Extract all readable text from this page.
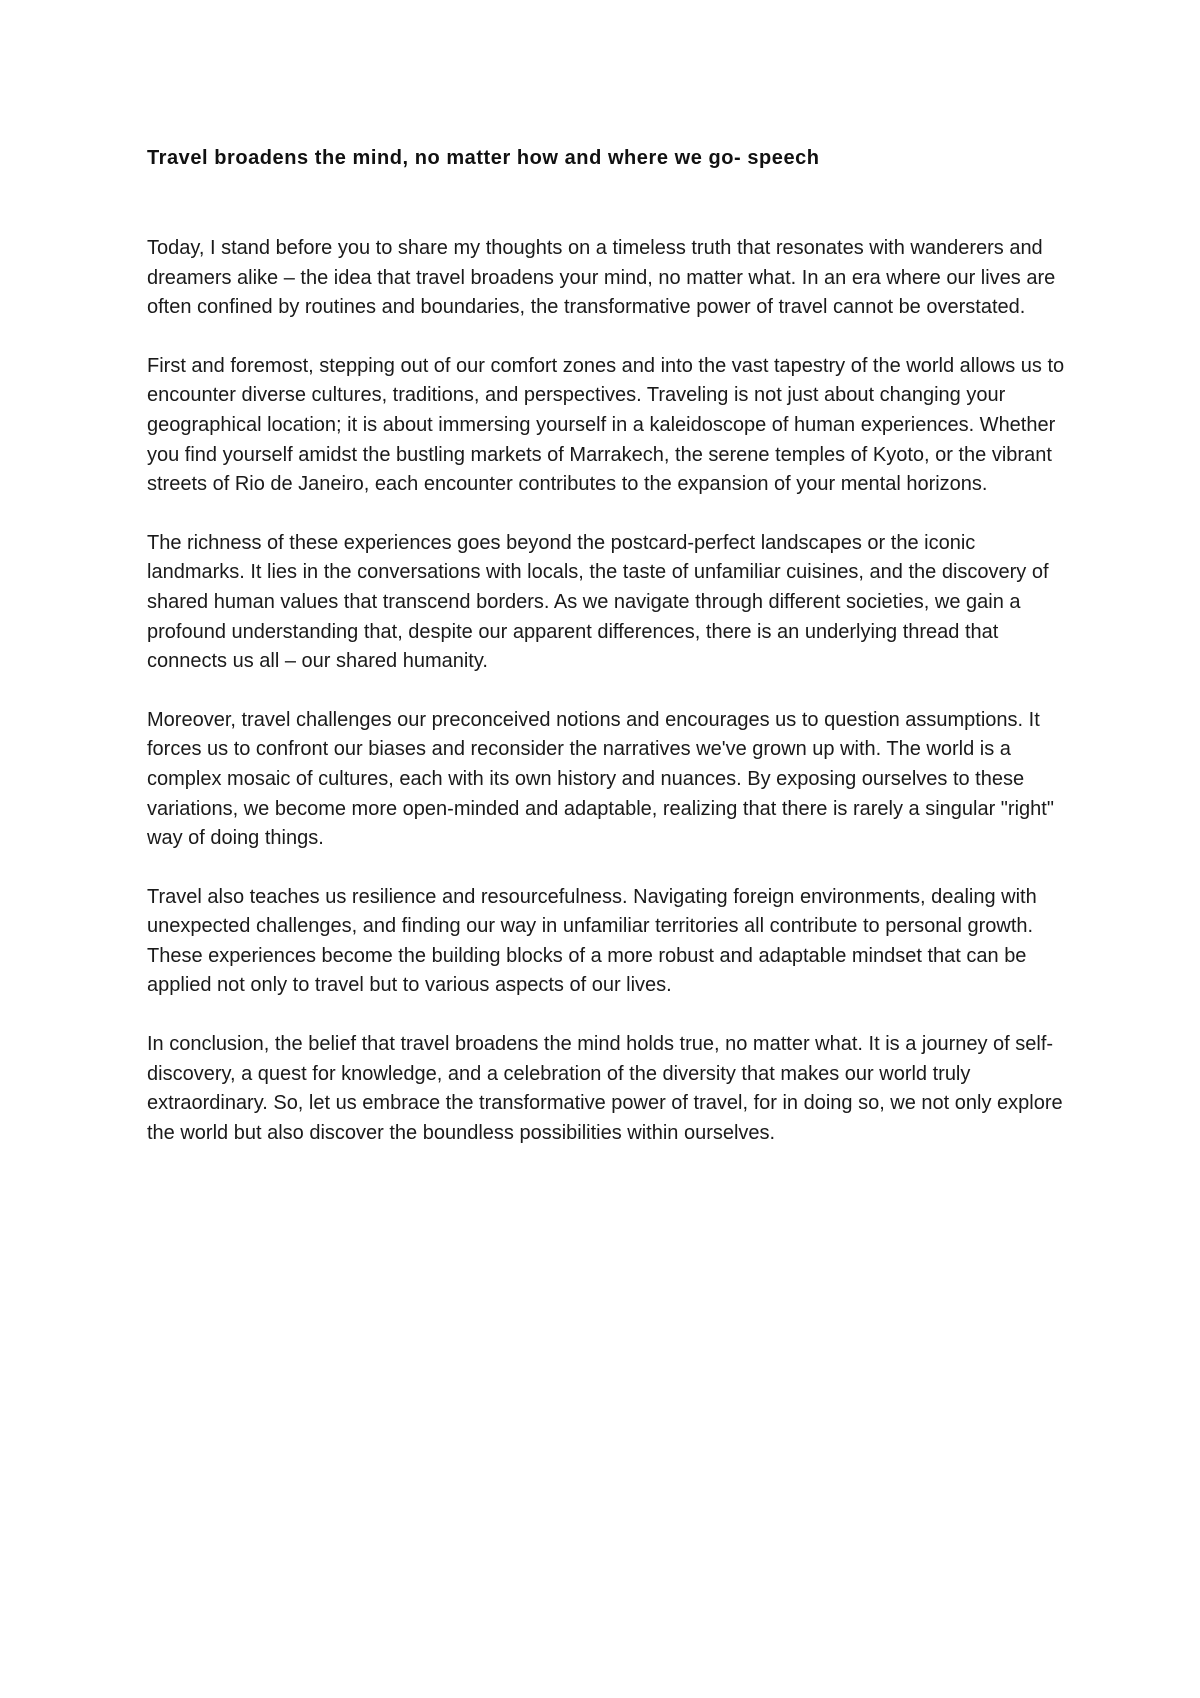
Travel broadens the mind, no matter how and where we go- speech

Today, I stand before you to share my thoughts on a timeless truth that resonates with wanderers and dreamers alike – the idea that travel broadens your mind, no matter what. In an era where our lives are often confined by routines and boundaries, the transformative power of travel cannot be overstated.

First and foremost, stepping out of our comfort zones and into the vast tapestry of the world allows us to encounter diverse cultures, traditions, and perspectives. Traveling is not just about changing your geographical location; it is about immersing yourself in a kaleidoscope of human experiences. Whether you find yourself amidst the bustling markets of Marrakech, the serene temples of Kyoto, or the vibrant streets of Rio de Janeiro, each encounter contributes to the expansion of your mental horizons.

The richness of these experiences goes beyond the postcard-perfect landscapes or the iconic landmarks. It lies in the conversations with locals, the taste of unfamiliar cuisines, and the discovery of shared human values that transcend borders. As we navigate through different societies, we gain a profound understanding that, despite our apparent differences, there is an underlying thread that connects us all – our shared humanity.

Moreover, travel challenges our preconceived notions and encourages us to question assumptions. It forces us to confront our biases and reconsider the narratives we've grown up with. The world is a complex mosaic of cultures, each with its own history and nuances. By exposing ourselves to these variations, we become more open-minded and adaptable, realizing that there is rarely a singular "right" way of doing things.

Travel also teaches us resilience and resourcefulness. Navigating foreign environments, dealing with unexpected challenges, and finding our way in unfamiliar territories all contribute to personal growth. These experiences become the building blocks of a more robust and adaptable mindset that can be applied not only to travel but to various aspects of our lives.

In conclusion, the belief that travel broadens the mind holds true, no matter what. It is a journey of self-discovery, a quest for knowledge, and a celebration of the diversity that makes our world truly extraordinary. So, let us embrace the transformative power of travel, for in doing so, we not only explore the world but also discover the boundless possibilities within ourselves.
